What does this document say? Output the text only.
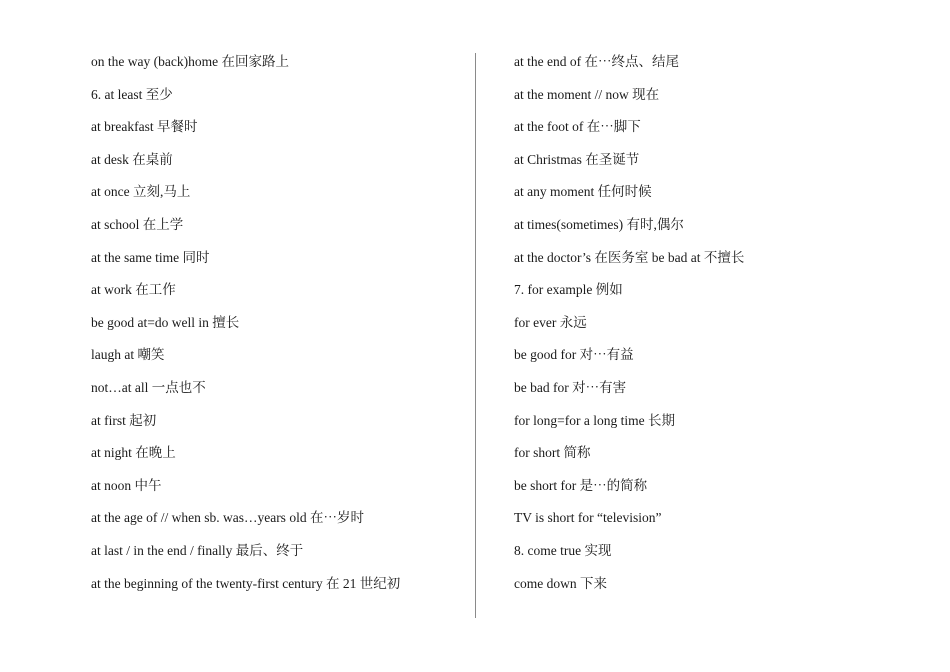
on the way (back)home 在回家路上
6. at least 至少
at breakfast 早餐时
at desk 在桌前
at once 立刻,马上
at school 在上学
at the same time 同时
at work 在工作
be good at=do well in 擅长
laugh at 嘲笑
not…at all 一点也不
at first 起初
at night 在晚上
at noon 中午
at the age of // when sb. was…years old 在⋯岁时
at last / in the end / finally 最后、终于
at the beginning of the twenty-first century 在 21 世纪初
at the end of 在⋯终点、结尾
at the moment // now 现在
at the foot of 在⋯脚下
at Christmas 在圣诞节
at any moment 任何时候
at times(sometimes) 有时,偶尔
at the doctor’s 在医务室 be bad at 不擅长
7. for example 例如
for ever 永远
be good for 对⋯有益
be bad for 对⋯有害
for long=for a long time 长期
for short 简称
be short for 是⋯的简称
TV is short for “television”
8. come true 实现
come down 下来
